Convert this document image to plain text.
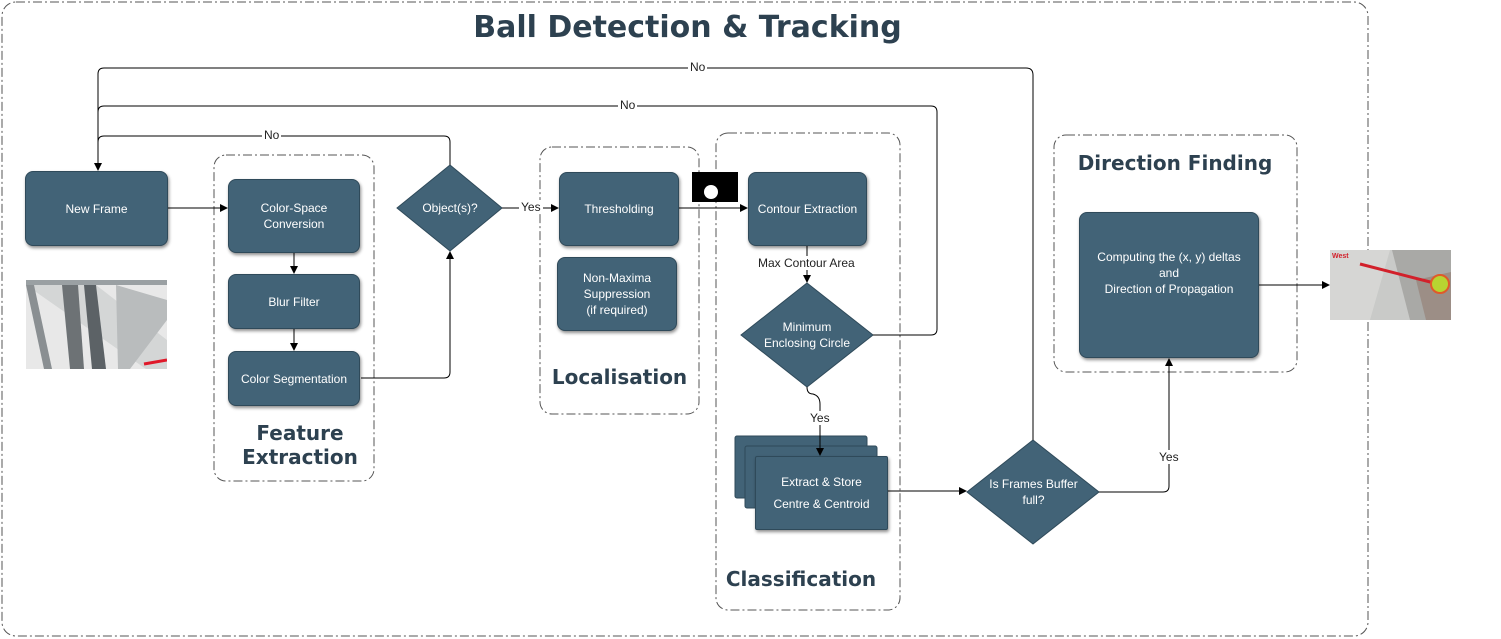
Ball Detection & Tracking
New Frame	Color-Space
Conversion
Blur Filter
Color Segmentation
Object(s)?	Thresholding
Non-Maxima
Suppression
(if required)
Contour Extraction
Minimum
Enclosing Circle
Extract & Store
Centre & Centroid
Is Frames Buffer
full?
Computing the (x, y) deltas
and
Direction of Propagation
Feature
Extraction
Localisation
Classification
Direction Finding
No
No
No
Yes
Max Contour Area
Yes
Yes
West
